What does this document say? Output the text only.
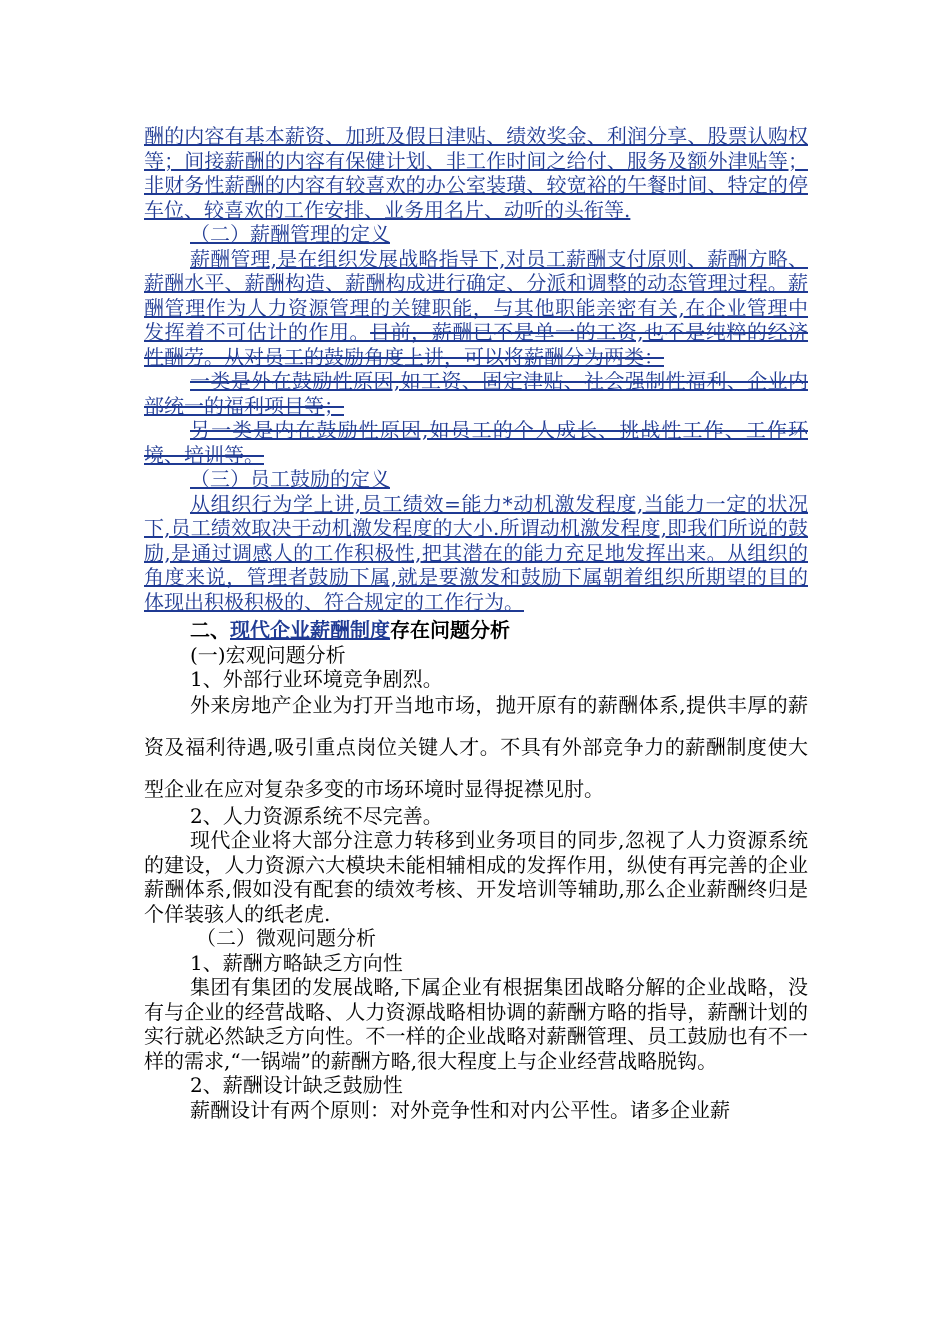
酬的内容有基本薪资、加班及假日津贴、绩效奖金、利润分享、股票认购权等；间接薪酬的内容有保健计划、非工作时间之给付、服务及额外津贴等；非财务性薪酬的内容有较喜欢的办公室装璜、较宽裕的午餐时间、特定的停车位、较喜欢的工作安排、业务用名片、动听的头衔等.

（二）薪酬管理的定义

薪酬管理,是在组织发展战略指导下,对员工薪酬支付原则、薪酬方略、薪酬水平、薪酬构造、薪酬构成进行确定、分派和调整的动态管理过程。薪酬管理作为人力资源管理的关键职能，与其他职能亲密有关,在企业管理中发挥着不可估计的作用。目前，薪酬已不是单一的工资,也不是纯粹的经济性酬劳。从对员工的鼓励角度上讲，可以将薪酬分为两类：

一类是外在鼓励性原因,如工资、固定津贴、社会强制性福利、企业内部统一的福利项目等；

另一类是内在鼓励性原因,如员工的个人成长、挑战性工作、工作环境、培训等。

（三）员工鼓励的定义

从组织行为学上讲,员工绩效=能力*动机激发程度,当能力一定的状况下,员工绩效取决于动机激发程度的大小.所谓动机激发程度,即我们所说的鼓励,是通过调感人的工作积极性,把其潜在的能力充足地发挥出来。从组织的角度来说，管理者鼓励下属,就是要激发和鼓励下属朝着组织所期望的目的体现出积极积极的、符合规定的工作行为。

二、现代企业薪酬制度存在问题分析

(一)宏观问题分析

1、外部行业环境竞争剧烈。

外来房地产企业为打开当地市场，抛开原有的薪酬体系,提供丰厚的薪资及福利待遇,吸引重点岗位关键人才。不具有外部竞争力的薪酬制度使大型企业在应对复杂多变的市场环境时显得捉襟见肘。

2、人力资源系统不尽完善。

现代企业将大部分注意力转移到业务项目的同步,忽视了人力资源系统的建设，人力资源六大模块未能相辅相成的发挥作用，纵使有再完善的企业薪酬体系,假如没有配套的绩效考核、开发培训等辅助,那么企业薪酬终归是个佯装骇人的纸老虎.

（二）微观问题分析

1、薪酬方略缺乏方向性

集团有集团的发展战略,下属企业有根据集团战略分解的企业战略，没有与企业的经营战略、人力资源战略相协调的薪酬方略的指导，薪酬计划的实行就必然缺乏方向性。不一样的企业战略对薪酬管理、员工鼓励也有不一样的需求,“一锅端”的薪酬方略,很大程度上与企业经营战略脱钩。

2、薪酬设计缺乏鼓励性

薪酬设计有两个原则：对外竞争性和对内公平性。诸多企业薪
